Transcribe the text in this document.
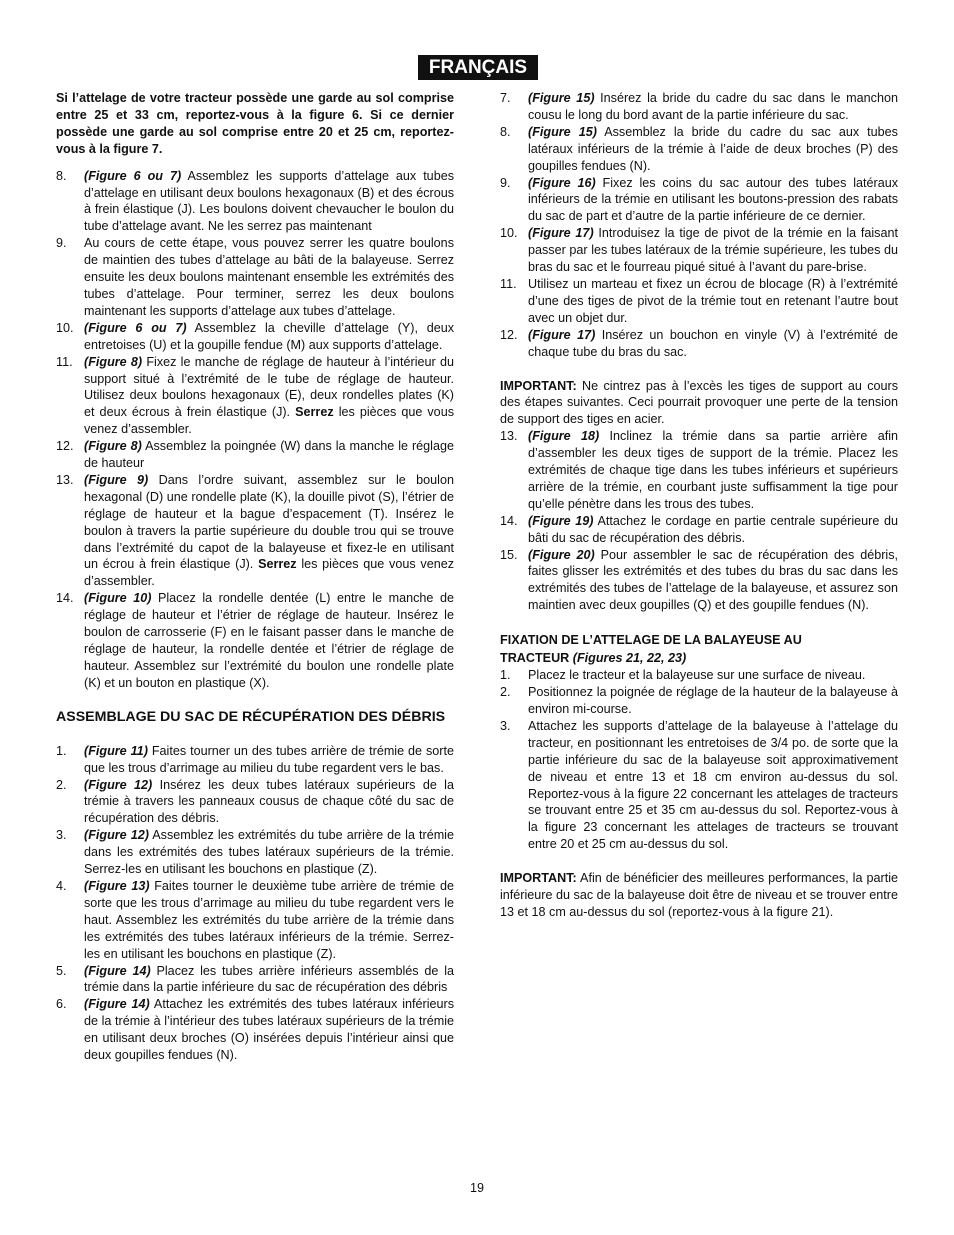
FRANÇAIS

Si l’attelage de votre tracteur possède une garde au sol comprise entre 25 et 33 cm, reportez-vous à la figure 6. Si ce dernier possède une garde au sol comprise entre 20 et 25 cm, reportez-vous à la figure 7.

8. (Figure 6 ou 7) Assemblez les supports d’attelage aux tubes d’attelage en utilisant deux boulons hexagonaux (B) et des écrous à frein élastique (J). Les boulons doivent chevaucher le boulon du tube d’attelage avant. Ne les serrez pas maintenant
9. Au cours de cette étape, vous pouvez serrer les quatre boulons de maintien des tubes d’attelage au bâti de la balayeuse. Serrez ensuite les deux boulons maintenant ensemble les extrémités des tubes d’attelage. Pour terminer, serrez les deux boulons maintenant les supports d’attelage aux tubes d’attelage.
10. (Figure 6 ou 7) Assemblez la cheville d’attelage (Y), deux entretoises (U) et la goupille fendue (M) aux supports d’attelage.
11. (Figure 8) Fixez le manche de réglage de hauteur à l’intérieur du support situé à l’extrémité de le tube de réglage de hauteur. Utilisez deux boulons hexagonaux (E), deux rondelles plates (K) et deux écrous à frein élastique (J). Serrez les pièces que vous venez d’assembler.
12. (Figure 8) Assemblez la poingnée (W) dans la manche le réglage de hauteur
13. (Figure 9) Dans l’ordre suivant, assemblez sur le boulon hexagonal (D) une rondelle plate (K), la douille pivot (S), l’étrier de réglage de hauteur et la bague d’espacement (T). Insérez le boulon à travers la partie supérieure du double trou qui se trouve dans l’extrémité du capot de la balayeuse et fixez-le en utilisant un écrou à frein élastique (J). Serrez les pièces que vous venez d’assembler.
14. (Figure 10) Placez la rondelle dentée (L) entre le manche de réglage de hauteur et l’étrier de réglage de hauteur. Insérez le boulon de carrosserie (F) en le faisant passer dans le manche de réglage de hauteur, la rondelle dentée et l’étrier de réglage de hauteur. Assemblez sur l’extrémité du boulon une rondelle plate (K) et un bouton en plastique (X).

ASSEMBLAGE DU SAC DE RÉCUPÉRATION DES DÉBRIS

1. (Figure 11) Faites tourner un des tubes arrière de trémie de sorte que les trous d’arrimage au milieu du tube regardent vers le bas.
2. (Figure 12) Insérez les deux tubes latéraux supérieurs de la trémie à travers les panneaux cousus de chaque côté du sac de récupération des débris.
3. (Figure 12) Assemblez les extrémités du tube arrière de la trémie dans les extrémités des tubes latéraux supérieurs de la trémie. Serrez-les en utilisant les bouchons en plastique (Z).
4. (Figure 13) Faites tourner le deuxième tube arrière de trémie de sorte que les trous d’arrimage au milieu du tube regardent vers le haut. Assemblez les extrémités du tube arrière de la trémie dans les extrémités des tubes latéraux inférieurs de la trémie. Serrez-les en utilisant les bouchons en plastique (Z).
5. (Figure 14) Placez les tubes arrière inférieurs assemblés de la trémie dans la partie inférieure du sac de récupération des débris
6. (Figure 14) Attachez les extrémités des tubes latéraux inférieurs de la trémie à l’intérieur des tubes latéraux supérieurs de la trémie en utilisant deux broches (O) insérées depuis l’intérieur ainsi que deux goupilles fendues (N).
7. (Figure 15) Insérez la bride du cadre du sac dans le manchon cousu le long du bord avant de la partie inférieure du sac.
8. (Figure 15) Assemblez la bride du cadre du sac aux tubes latéraux inférieurs de la trémie à l’aide de deux broches (P) des goupilles fendues (N).
9. (Figure 16) Fixez les coins du sac autour des tubes latéraux inférieurs de la trémie en utilisant les boutons-pression des rabats du sac de part et d’autre de la partie inférieure de ce dernier.
10. (Figure 17) Introduisez la tige de pivot de la trémie en la faisant passer par les tubes latéraux de la trémie supérieure, les tubes du bras du sac et le fourreau piqué situé à l’avant du pare-brise.
11. Utilisez un marteau et fixez un écrou de blocage (R) à l’extrémité d’une des tiges de pivot de la trémie tout en retenant l’autre bout avec un objet dur.
12. (Figure 17) Insérez un bouchon en vinyle (V) à l’extrémité de chaque tube du bras du sac.

IMPORTANT: Ne cintrez pas à l’excès les tiges de support au cours des étapes suivantes. Ceci pourrait provoquer une perte de la tension de support des tiges en acier.

13. (Figure 18) Inclinez la trémie dans sa partie arrière afin d’assembler les deux tiges de support de la trémie. Placez les extrémités de chaque tige dans les tubes inférieurs et supérieurs arrière de la trémie, en courbant juste suffisamment la tige pour qu’elle pénètre dans les trous des tubes.
14. (Figure 19) Attachez le cordage en partie centrale supérieure du bâti du sac de récupération des débris.
15. (Figure 20) Pour assembler le sac de récupération des débris, faites glisser les extrémités et des tubes du bras du sac dans les extrémités des tubes de l’attelage de la balayeuse, et assurez son maintien avec deux goupilles (Q) et des goupille fendues (N).

FIXATION DE L’ATTELAGE DE LA BALAYEUSE AU

TRACTEUR (Figures 21, 22, 23)

1. Placez le tracteur et la balayeuse sur une surface de niveau.
2. Positionnez la poignée de réglage de la hauteur de la balayeuse à environ mi-course.
3. Attachez les supports d’attelage de la balayeuse à l’attelage du tracteur, en positionnant les entretoises de 3/4 po. de sorte que la partie inférieure du sac de la balayeuse soit approximativement de niveau et entre 13 et 18 cm environ au-dessus du sol. Reportez-vous à la figure 22 concernant les attelages de tracteurs se trouvant entre 25 et 35 cm au-dessus du sol. Reportez-vous à la figure 23 concernant les attelages de tracteurs se trouvant entre 20 et 25 cm au-dessus du sol.

IMPORTANT: Afin de bénéficier des meilleures performances, la partie inférieure du sac de la balayeuse doit être de niveau et se trouver entre 13 et 18 cm au-dessus du sol (reportez-vous à la figure 21).

19
